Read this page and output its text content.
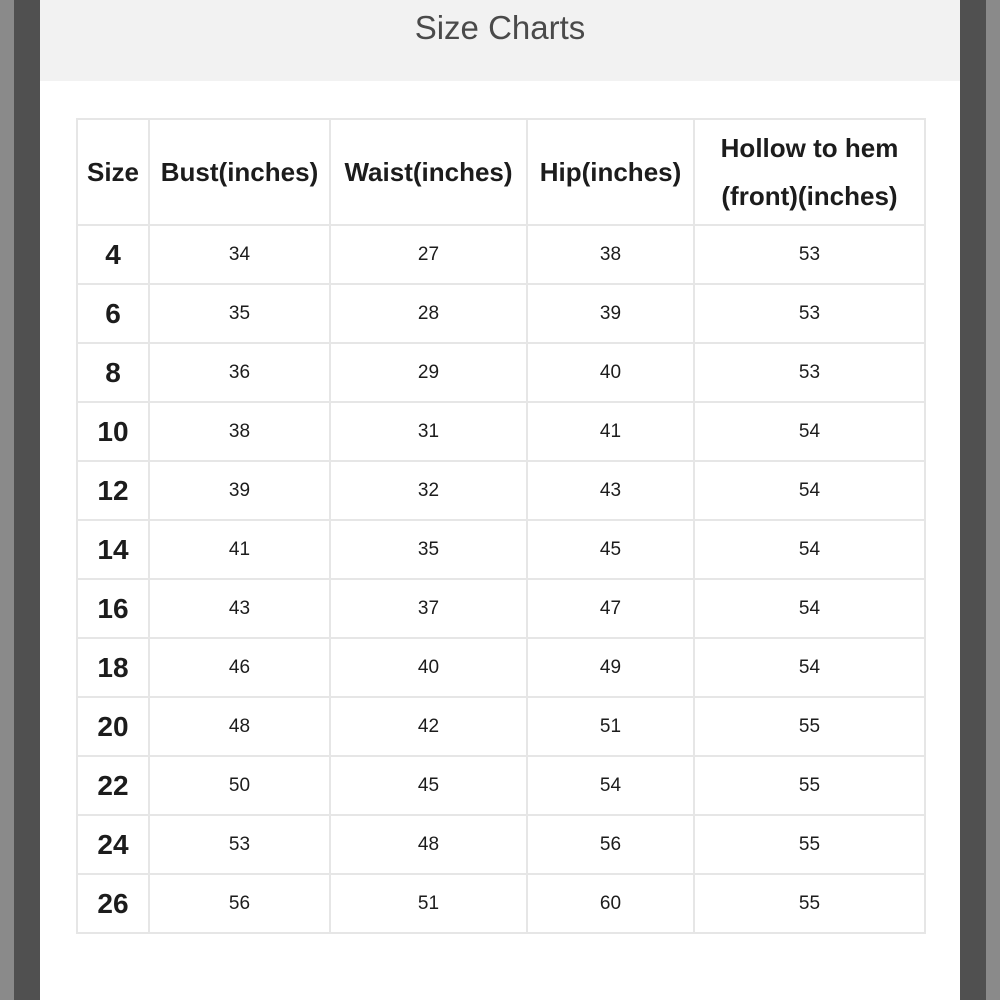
Size Charts
Size	Bust(inches)	Waist(inches)	Hip(inches)	Hollow to hem (front)(inches)
4	34	27	38	53
6	35	28	39	53
8	36	29	40	53
10	38	31	41	54
12	39	32	43	54
14	41	35	45	54
16	43	37	47	54
18	46	40	49	54
20	48	42	51	55
22	50	45	54	55
24	53	48	56	55
26	56	51	60	55
